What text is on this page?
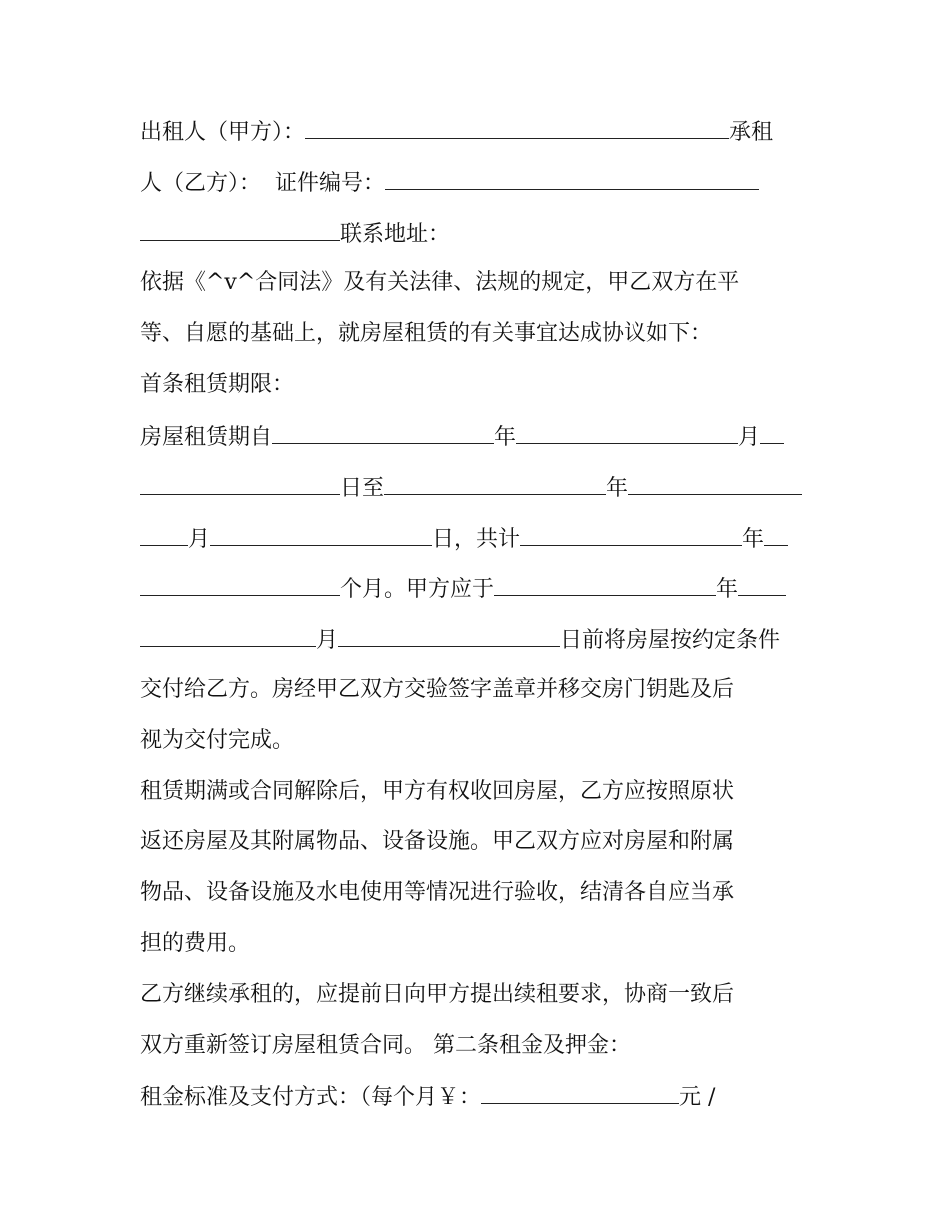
出租人（甲方）：	承租
人（乙方）： 证件编号：
联系地址：
依据《^v^合同法》及有关法律、法规的规定，甲乙双方在平
等、自愿的基础上，就房屋租赁的有关事宜达成协议如下：
首条租赁期限：
房屋租赁期自	年	月
日至	年
月	日，共计	年
个月。甲方应于	年
月	日前将房屋按约定条件
交付给乙方。房经甲乙双方交验签字盖章并移交房门钥匙及后
视为交付完成。
租赁期满或合同解除后，甲方有权收回房屋，乙方应按照原状
返还房屋及其附属物品、设备设施。甲乙双方应对房屋和附属
物品、设备设施及水电使用等情况进行验收，结清各自应当承
担的费用。
乙方继续承租的，应提前日向甲方提出续租要求，协商一致后
双方重新签订房屋租赁合同。 第二条租金及押金：
租金标准及支付方式：（每个月￥：	元 /
